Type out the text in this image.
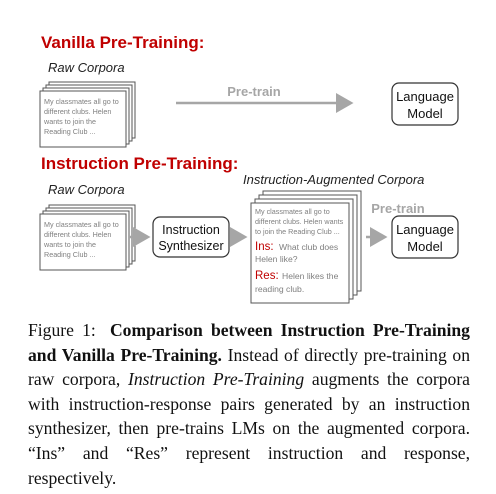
Vanilla Pre-Training:
Raw Corpora
My classmates all go to
different clubs. Helen
wants to join the
Reading Club ...
Pre-train	Language
Model
Instruction Pre-Training:
Raw Corpora
My classmates all go to
different clubs. Helen
wants to join the
Reading Club ...
Instruction
Synthesizer
Instruction-Augmented Corpora
My classmates all go to
different clubs. Helen wants
to join the Reading Club ...
Ins: What club does
Helen like?
Res: Helen likes the
reading club.
Pre-train
Language
Model

Figure 1: Comparison between Instruction Pre-Training and Vanilla Pre-Training. Instead of directly pre-training on raw corpora, Instruction Pre-Training augments the corpora with instruction-response pairs generated by an instruction synthesizer, then pre-trains LMs on the augmented corpora. “Ins” and “Res” represent instruction and response, respectively.
